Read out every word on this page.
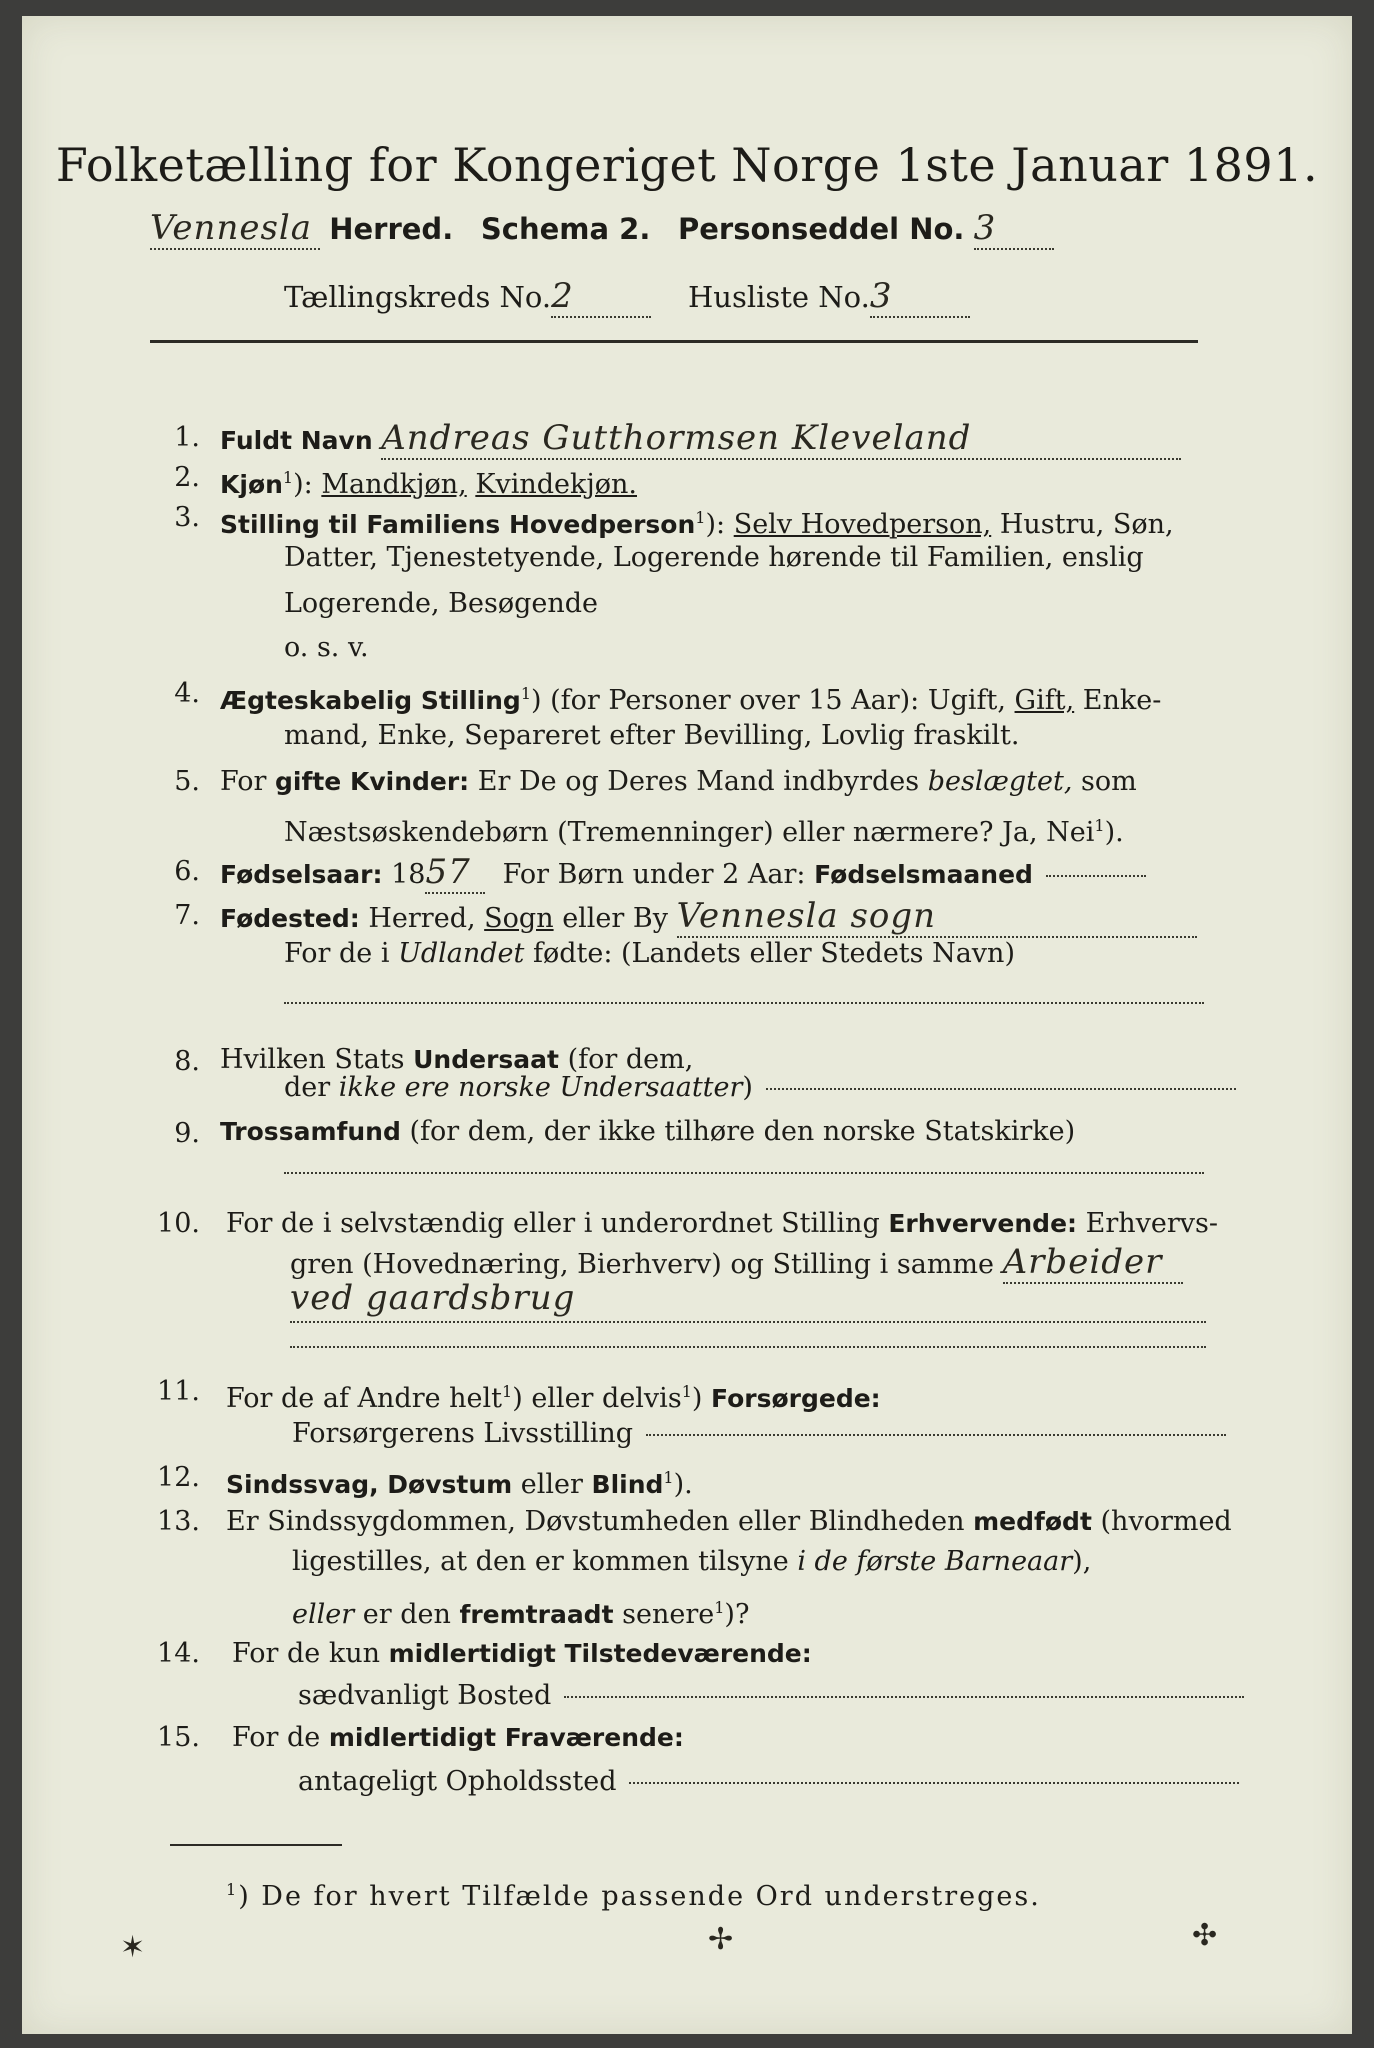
Folketælling for Kongeriget Norge 1ste Januar 1891.
Vennesla Herred. Schema 2. Personseddel No. 3
Tællingskreds No.2	Husliste No.3
1. Fuldt Navn Andreas Gutthormsen Kleveland
2. Kjøn$^1$): Mandkjøn, Kvindekjøn.
3. Stilling til Familiens Hovedperson$^1$): Selv Hovedperson, Hustru, Søn,
Datter, Tjenestetyende, Logerende hørende til Familien, enslig
Logerende, Besøgende
o. s. v.
4. Ægteskabelig Stilling$^1$) (for Personer over 15 Aar): Ugift, Gift, Enke-
mand, Enke, Separeret efter Bevilling, Lovlig fraskilt.
5. For gifte Kvinder: Er De og Deres Mand indbyrdes beslægtet, som
Næstsøskendebørn (Tremenninger) eller nærmere? Ja, Nei$^1$).
6. Fødselsaar: 1857 For Børn under 2 Aar: Fødselsmaaned
7. Fødested: Herred, Sogn eller By Vennesla sogn
For de i Udlandet fødte: (Landets eller Stedets Navn)
8. Hvilken Stats Undersaat (for dem,
der ikke ere norske Undersaatter)
9. Trossamfund (for dem, der ikke tilhøre den norske Statskirke)
10. For de i selvstændig eller i underordnet Stilling Erhvervende: Erhvervs-
gren (Hovednæring, Bierhverv) og Stilling i samme Arbeider
ved gaardsbrug
11. For de af Andre helt$^1$) eller delvis$^1$) Forsørgede:
Forsørgerens Livsstilling
12. Sindssvag, Døvstum eller Blind$^1$).
13. Er Sindssygdommen, Døvstumheden eller Blindheden medfødt (hvormed
ligestilles, at den er kommen tilsyne i de første Barneaar),
eller er den fremtraadt senere$^1$)?
14. For de kun midlertidigt Tilstedeværende:
sædvanligt Bosted
15. For de midlertidigt Fraværende:
antageligt Opholdssted
$^1$) De for hvert Tilfælde passende Ord understreges.
✶	✢	✣
